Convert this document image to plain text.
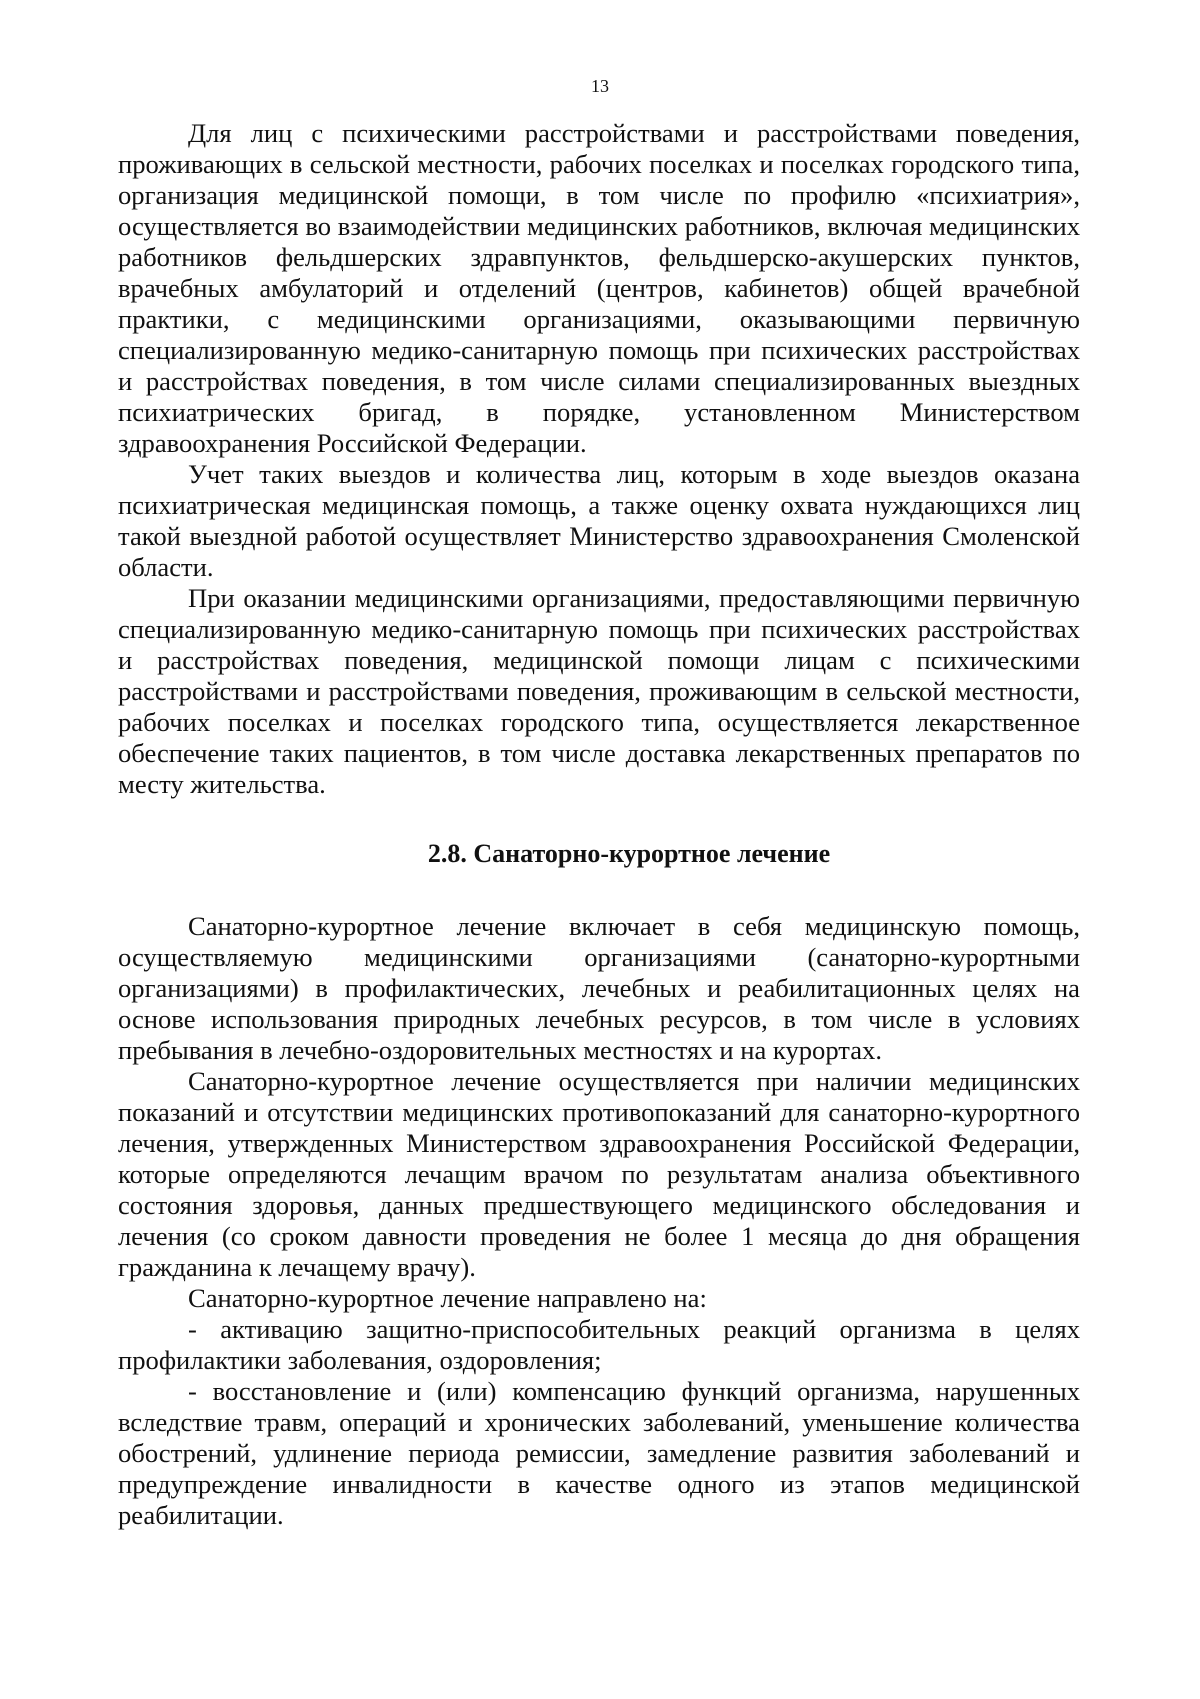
13

Для лиц с психическими расстройствами и расстройствами поведения, проживающих в сельской местности, рабочих поселках и поселках городского типа, организация медицинской помощи, в том числе по профилю «психиатрия», осуществляется во взаимодействии медицинских работников, включая медицинских работников фельдшерских здравпунктов, фельдшерско-акушерских пунктов, врачебных амбулаторий и отделений (центров, кабинетов) общей врачебной практики, с медицинскими организациями, оказывающими первичную специализированную медико-санитарную помощь при психических расстройствах и расстройствах поведения, в том числе силами специализированных выездных психиатрических бригад, в порядке, установленном Министерством здравоохранения Российской Федерации.

Учет таких выездов и количества лиц, которым в ходе выездов оказана психиатрическая медицинская помощь, а также оценку охвата нуждающихся лиц такой выездной работой осуществляет Министерство здравоохранения Смоленской области.

При оказании медицинскими организациями, предоставляющими первичную специализированную медико-санитарную помощь при психических расстройствах и расстройствах поведения, медицинской помощи лицам с психическими расстройствами и расстройствами поведения, проживающим в сельской местности, рабочих поселках и поселках городского типа, осуществляется лекарственное обеспечение таких пациентов, в том числе доставка лекарственных препаратов по месту жительства.

2.8. Санаторно-курортное лечение

Санаторно-курортное лечение включает в себя медицинскую помощь, осуществляемую медицинскими организациями (санаторно-курортными организациями) в профилактических, лечебных и реабилитационных целях на основе использования природных лечебных ресурсов, в том числе в условиях пребывания в лечебно-оздоровительных местностях и на курортах.

Санаторно-курортное лечение осуществляется при наличии медицинских показаний и отсутствии медицинских противопоказаний для санаторно-курортного лечения, утвержденных Министерством здравоохранения Российской Федерации, которые определяются лечащим врачом по результатам анализа объективного состояния здоровья, данных предшествующего медицинского обследования и лечения (со сроком давности проведения не более 1 месяца до дня обращения гражданина к лечащему врачу).

Санаторно-курортное лечение направлено на:

- активацию защитно-приспособительных реакций организма в целях профилактики заболевания, оздоровления;

- восстановление и (или) компенсацию функций организма, нарушенных вследствие травм, операций и хронических заболеваний, уменьшение количества обострений, удлинение периода ремиссии, замедление развития заболеваний и предупреждение инвалидности в качестве одного из этапов медицинской реабилитации.
